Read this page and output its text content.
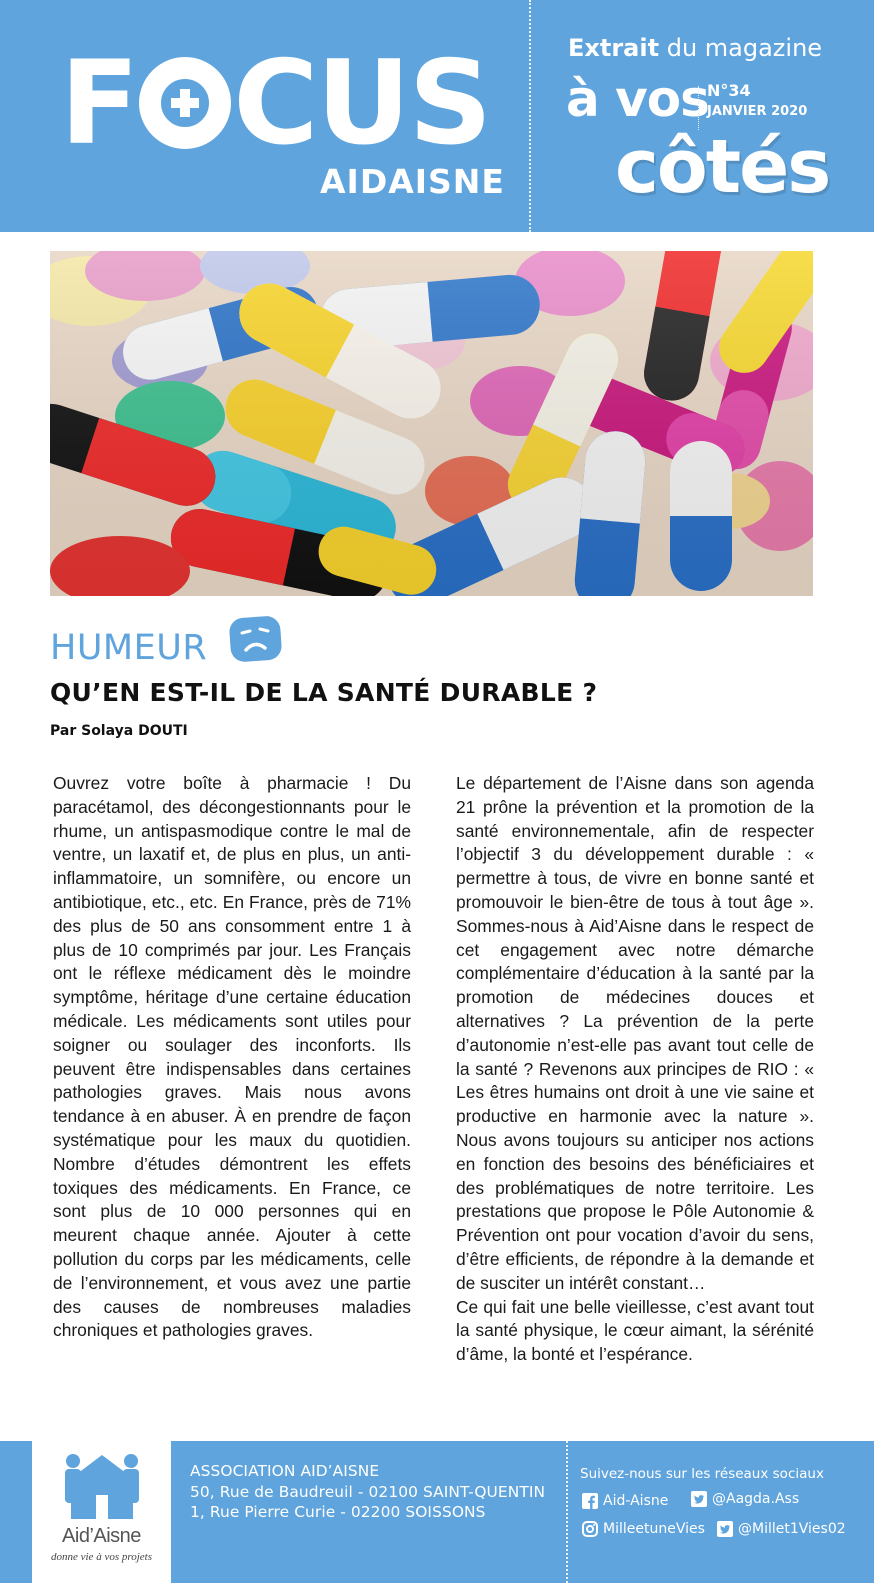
F CUS
AIDAISNE
Extrait du magazine
à vos
N°34
JANVIER 2020
côtés
HUMEUR
QU’EN EST-IL DE LA SANTÉ DURABLE ?
Par Solaya DOUTI
Ouvrez votre boîte à pharmacie ! Du paracétamol, des décongestionnants pour le rhume, un antispasmodique contre le mal de ventre, un laxatif et, de plus en plus, un anti-inflammatoire, un somnifère, ou encore un antibiotique, etc., etc. En France, près de 71% des plus de 50 ans consomment entre 1 à plus de 10 comprimés par jour. Les Français ont le réflexe médicament dès le moindre symptôme, héritage d’une certaine éducation médicale. Les médicaments sont utiles pour soigner ou soulager des inconforts. Ils peuvent être indispensables dans certaines pathologies graves. Mais nous avons tendance à en abuser. À en prendre de façon systématique pour les maux du quotidien. Nombre d’études démontrent les effets toxiques des médicaments. En France, ce sont plus de 10 000 personnes qui en meurent chaque année. Ajouter à cette pollution du corps par les médicaments, celle de l’environnement, et vous avez une partie des causes de nombreuses maladies chroniques et pathologies graves.
Le département de l’Aisne dans son agenda 21 prône la prévention et la promotion de la santé environnementale, afin de respecter l’objectif 3 du développement durable : « permettre à tous, de vivre en bonne santé et promouvoir le bien-être de tous à tout âge ». Sommes-nous à Aid’Aisne dans le respect de cet engagement avec notre démarche complémentaire d’éducation à la santé par la promotion de médecines douces et alternatives ? La prévention de la perte d’autonomie n’est-elle pas avant tout celle de la santé ? Revenons aux principes de RIO : « Les êtres humains ont droit à une vie saine et productive en harmonie avec la nature ». Nous avons toujours su anticiper nos actions en fonction des besoins des bénéficiaires et des problématiques de notre territoire. Les prestations que propose le Pôle Autonomie & Prévention ont pour vocation d’avoir du sens, d’être efficients, de répondre à la demande et de susciter un intérêt constant…
Ce qui fait une belle vieillesse, c’est avant tout la santé physique, le cœur aimant, la sérénité d’âme, la bonté et l’espérance.
Aid’Aisne
donne vie à vos projets
ASSOCIATION AID’AISNE
50, Rue de Baudreuil - 02100 SAINT-QUENTIN
1, Rue Pierre Curie - 02200 SOISSONS
Suivez-nous sur les réseaux sociaux
Aid-Aisne	@Aagda.Ass
MilleetuneVies @Millet1Vies02
